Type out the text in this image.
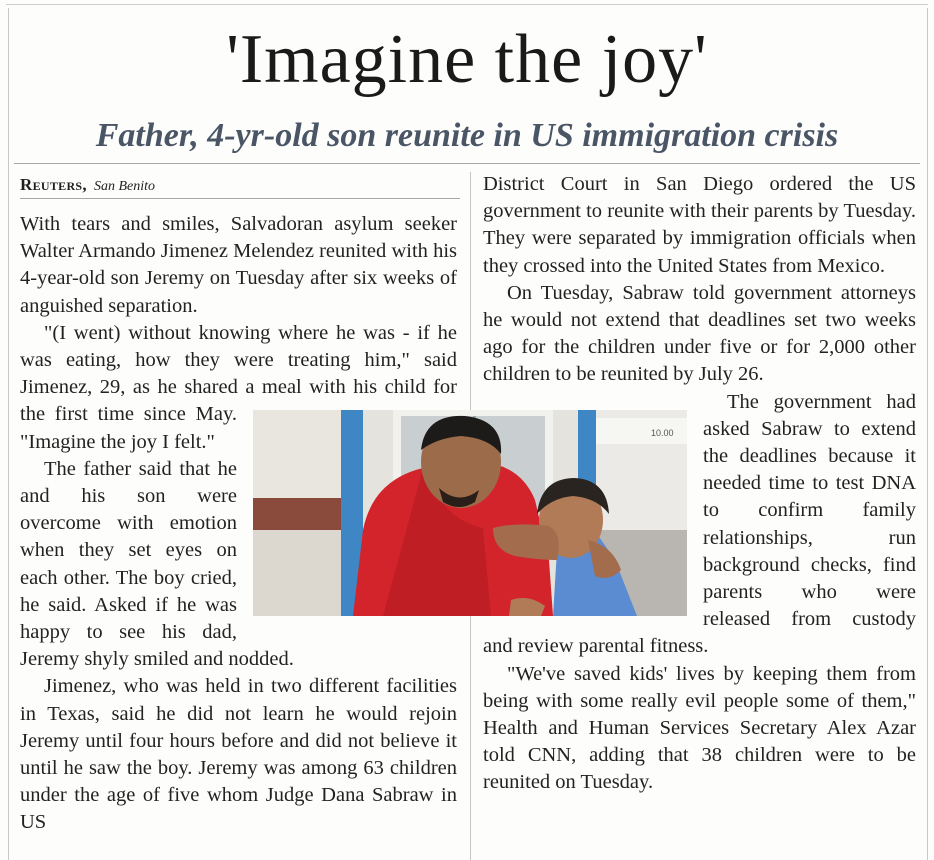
'Imagine the joy'
Father, 4-yr-old son reunite in US immigration crisis
Reuters, San Benito

With tears and smiles, Salvadoran asylum seeker Walter Armando Jimenez Melendez reunited with his 4-year-old son Jeremy on Tuesday after six weeks of anguished separation.

"(I went) without knowing where he was - if he was eating, how they were treating him," said Jimenez, 29, as he shared a meal with his child for the first time since May. "Imagine the joy I felt."

The father said that he and his son were overcome with emotion when they set eyes on each other. The boy cried, he said. Asked if he was happy to see his dad, Jeremy shyly smiled and nodded.

Jimenez, who was held in two different facilities in Texas, said he did not learn he would rejoin Jeremy until four hours before and did not believe it until he saw the boy. Jeremy was among 63 children under the age of five whom Judge Dana Sabraw in US

District Court in San Diego ordered the US government to reunite with their parents by Tuesday. They were separated by immigration officials when they crossed into the United States from Mexico.

On Tuesday, Sabraw told government attorneys he would not extend that deadlines set two weeks ago for the children under five or for 2,000 other children to be reunited by July 26.

The government had asked Sabraw to extend the deadlines because it needed time to test DNA to confirm family relationships, run background checks, find parents who were released from custody and review parental fitness.

"We've saved kids' lives by keeping them from being with some really evil people some of them," Health and Human Services Secretary Alex Azar told CNN, adding that 38 children were to be reunited on Tuesday.

10.00
